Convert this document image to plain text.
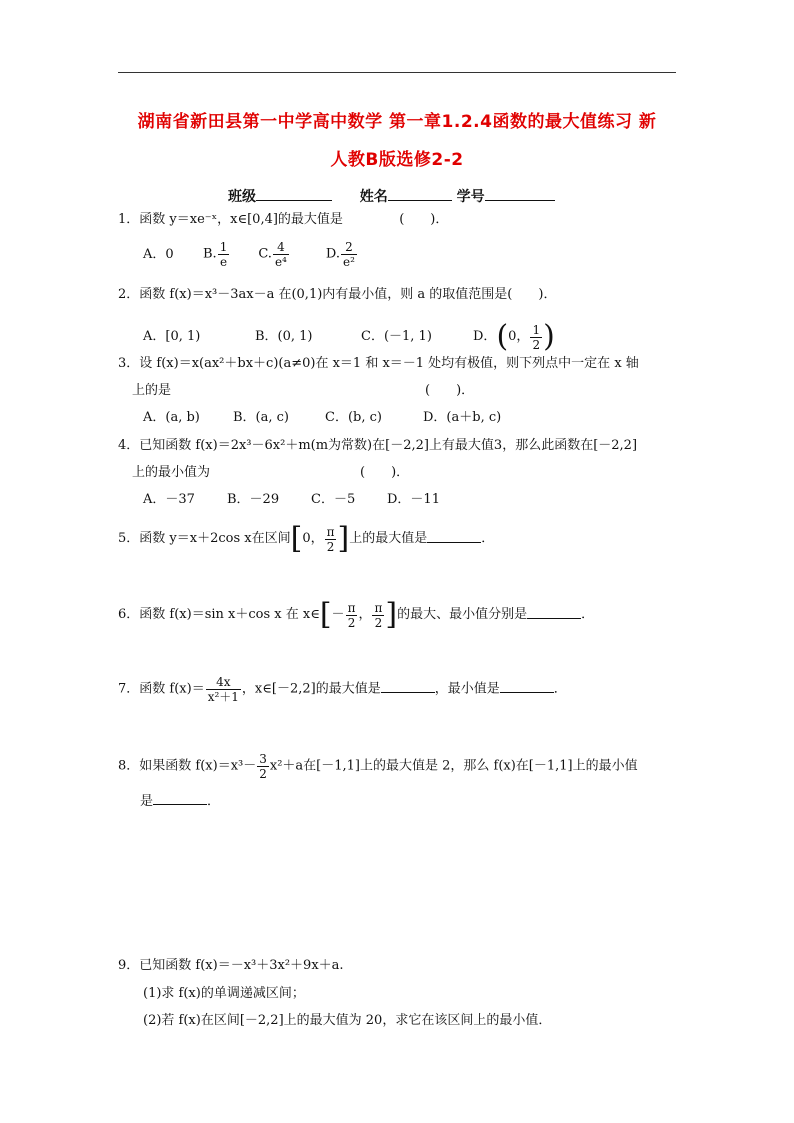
湖南省新田县第一中学高中数学 第一章1.2.4函数的最大值练习 新
人教B版选修2-2
班级	姓名	学号
1．函数 y＝xe⁻ˣ，x∈[0,4]的最大值是	(　　)．
A．0 B. $\frac{1}{e} C$. $\frac{4}{\text{e⁴}}$	D. $\frac{2}{\text{e²}}$
2．函数 f(x)＝x³－3ax－a 在(0,1)内有最小值，则 a 的取值范围是(　　)．
A．[0, 1)	B．(0, 1)	C．(－1, 1)	D．(0， $\frac{1}{2}$ )
3．设 f(x)＝x(ax²＋bx＋c)(a≠0)在 x＝1 和 x＝－1 处均有极值，则下列点中一定在 x 轴
上的是	(　　)．
A．(a, b)	B．(a, c)	C．(b, c)	D．(a＋b, c)
4．已知函数 f(x)＝2x³－6x²＋m(m为常数)在[－2,2]上有最大值3，那么此函数在[－2,2]
上的最小值为	(　　)．
A．－37 B．－29 C．－5 D．－11
5．函数 y＝x＋2cos x在区间[0， $\frac{\pi}{2}$ ]上的最大值是	．
6．函数 f(x)＝sin x＋cos x 在 x∈[－ $\frac{\pi}{2}$ ， $\frac{\pi}{2}$ ]的最大、最小值分别是	．
7．函数 $f(x)= \frac{4x}{\text{x²＋1}}$ ，x∈[－2,2]的最大值是	，最小值是	．
8．如果函数 $f(x)=x^3- \frac{3}{2} x^2+a$在[－1,1]上的最大值是 2，那么 f(x)在[－1,1]上的最小值
是	．
9．已知函数 f(x)＝－x³＋3x²＋9x＋a.
(1)求 f(x)的单调递减区间；
(2)若 f(x)在区间[－2,2]上的最大值为 20，求它在该区间上的最小值．
